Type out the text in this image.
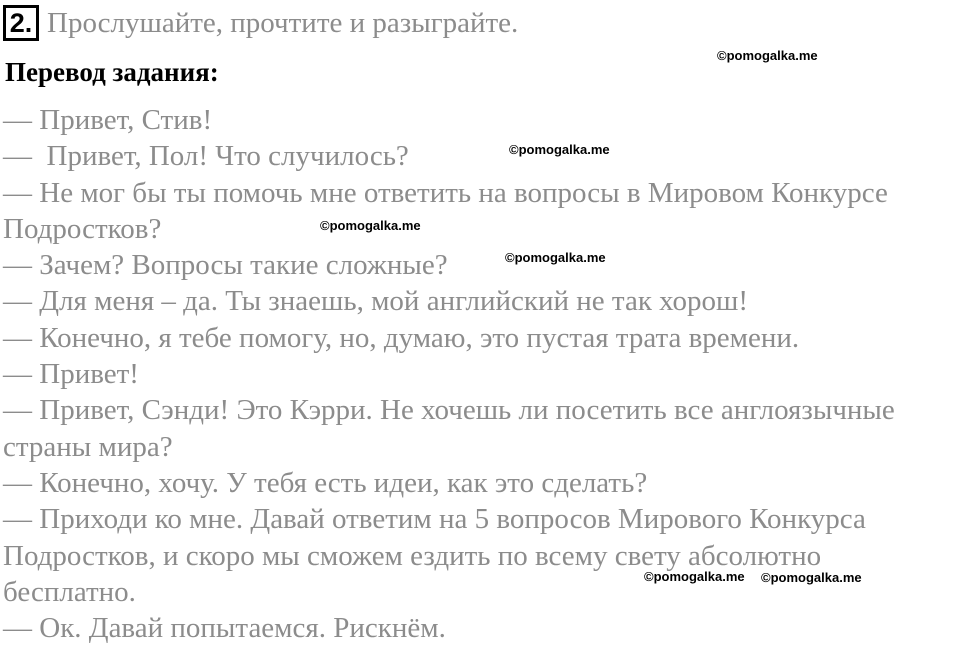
2. Прослушайте, прочтите и разыграйте.
Перевод задания:
— Привет, Стив!
—  Привет, Пол! Что случилось?
— Не мог бы ты помочь мне ответить на вопросы в Мировом Конкурсе
Подростков?
— Зачем? Вопросы такие сложные?
— Для меня – да. Ты знаешь, мой английский не так хорош!
— Конечно, я тебе помогу, но, думаю, это пустая трата времени.
— Привет!
— Привет, Сэнди! Это Кэрри. Не хочешь ли посетить все англоязычные
страны мира?
— Конечно, хочу. У тебя есть идеи, как это сделать?
— Приходи ко мне. Давай ответим на 5 вопросов Мирового Конкурса
Подростков, и скоро мы сможем ездить по всему свету абсолютно
бесплатно.
— Ок. Давай попытаемся. Рискнём.
©pomogalka.me
©pomogalka.me
©pomogalka.me
©pomogalka.me
©pomogalka.me ©pomogalka.me
